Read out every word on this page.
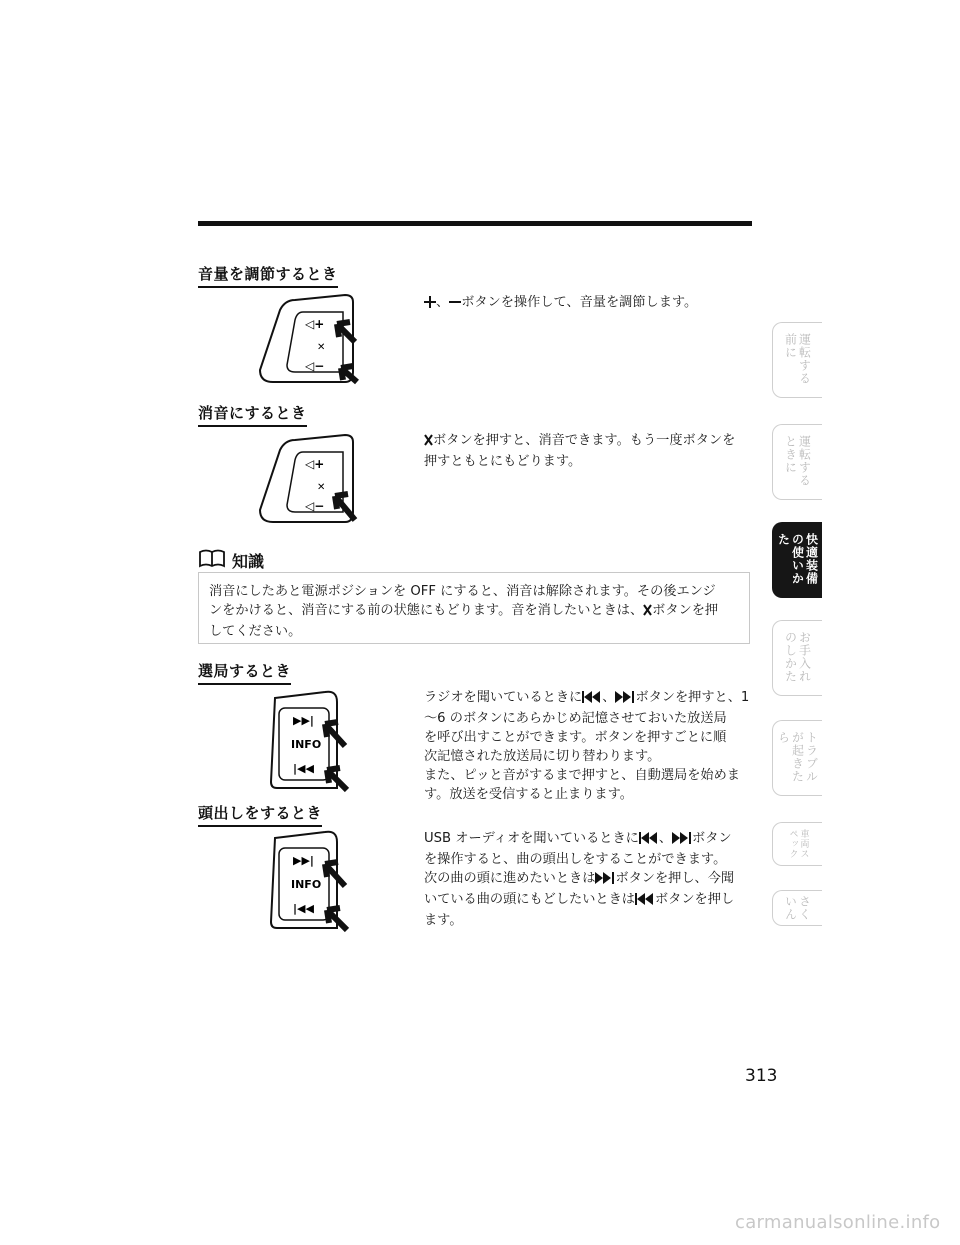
音量を調節するとき
◁+
✕
◁−

、 ボタンを操作して、音量を調節します。

消音にするとき
◁+
✕
◁−

ボタンを押すと、消音できます。もう一度ボタンを

押すともとにもどります。

知識
消音にしたあと電源ポジションを OFF にすると、消音は解除されます。その後エンジ
ンをかけると、消音にする前の状態にもどります。音を消したいときは、 ボタンを押
してください。
選局するとき
▶▶|
INFO
|◀◀

ラジオを聞いているときに 、 ボタンを押すと、1

～6 のボタンにあらかじめ記憶させておいた放送局

を呼び出すことができます。ボタンを押すごとに順

次記憶された放送局に切り替わります。

また、ピッと音がするまで押すと、自動選局を始めま

す。放送を受信すると止まります。

頭出しをするとき
▶▶|
INFO
|◀◀

USB オーディオを聞いているときに 、 ボタン

を操作すると、曲の頭出しをすることができます。

次の曲の頭に進めたいときは ボタンを押し、今聞

いている曲の頭にもどしたいときは ボタンを押し

ます。

運転する前に
運転するときに
快適装備の使いかた
お手入れのしかた
トラブルが起きたら
車両スペック
さくいん
313
carmanualsonline.info
